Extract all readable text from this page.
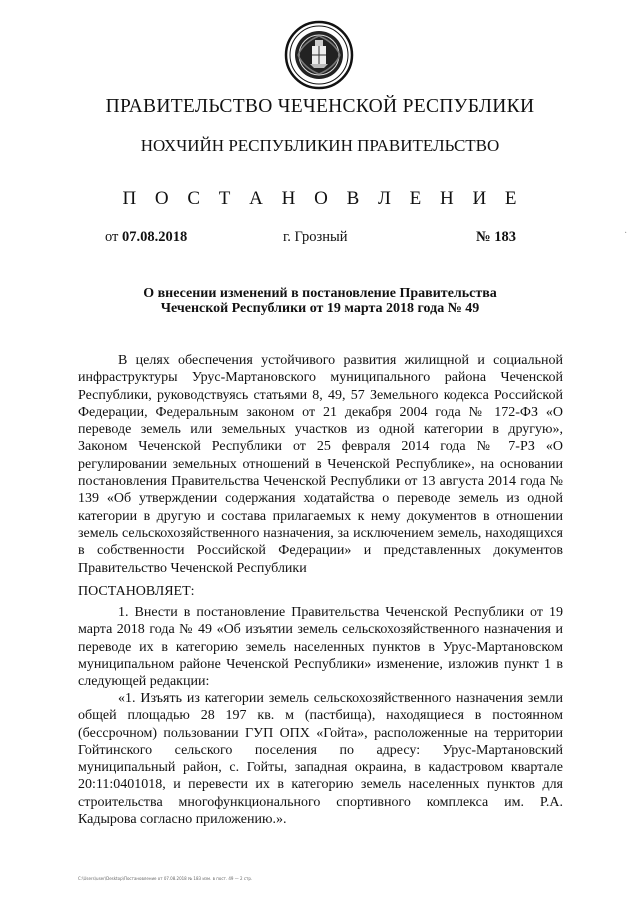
ПРАВИТЕЛЬСТВО ЧЕЧЕНСКОЙ РЕСПУБЛИКИ
НОХЧИЙН РЕСПУБЛИКИН ПРАВИТЕЛЬСТВО
П О С Т А Н О В Л Е Н И Е
от 07.08.2018	г. Грозный	№ 183	·
О внесении изменений в постановление Правительства
Чеченской Республики от 19 марта 2018 года № 49
В целях обеспечения устойчивого развития жилищной и социальной инфраструктуры Урус-Мартановского муниципального района Чеченской Республики, руководствуясь статьями 8, 49, 57 Земельного кодекса Российской Федерации, Федеральным законом от 21 декабря 2004 года № 172-ФЗ «О переводе земель или земельных участков из одной категории в другую», Законом Чеченской Республики от 25 февраля 2014 года № 7-РЗ «О регулировании земельных отношений в Чеченской Республике», на основании постановления Правительства Чеченской Республики от 13 августа 2014 года № 139 «Об утверждении содержания ходатайства о переводе земель из одной категории в другую и состава прилагаемых к нему документов в отношении земель сельскохозяйственного назначения, за исключением земель, находящихся в собственности Российской Федерации» и представленных документов Правительство Чеченской Республики
ПОСТАНОВЛЯЕТ:
1. Внести в постановление Правительства Чеченской Республики от 19 марта 2018 года № 49 «Об изъятии земель сельскохозяйственного назначения и переводе их в категорию земель населенных пунктов в Урус-Мартановском муниципальном районе Чеченской Республики» изменение, изложив пункт 1 в следующей редакции:
«1. Изъять из категории земель сельскохозяйственного назначения земли общей площадью 28 197 кв. м (пастбища), находящиеся в постоянном (бессрочном) пользовании ГУП ОПХ «Гойта», расположенные на территории Гойтинского сельского поселения по адресу: Урус-Мартановский муниципальный район, с. Гойты, западная окраина, в кадастровом квартале 20:11:0401018, и перевести их в категорию земель населенных пунктов для строительства многофункционального спортивного комплекса им. Р.А. Кадырова согласно приложению.».
C:\Users\user\Desktop\Постановление от 07.08.2018 № 183 изм. в пост. 49 — 2 стр.
